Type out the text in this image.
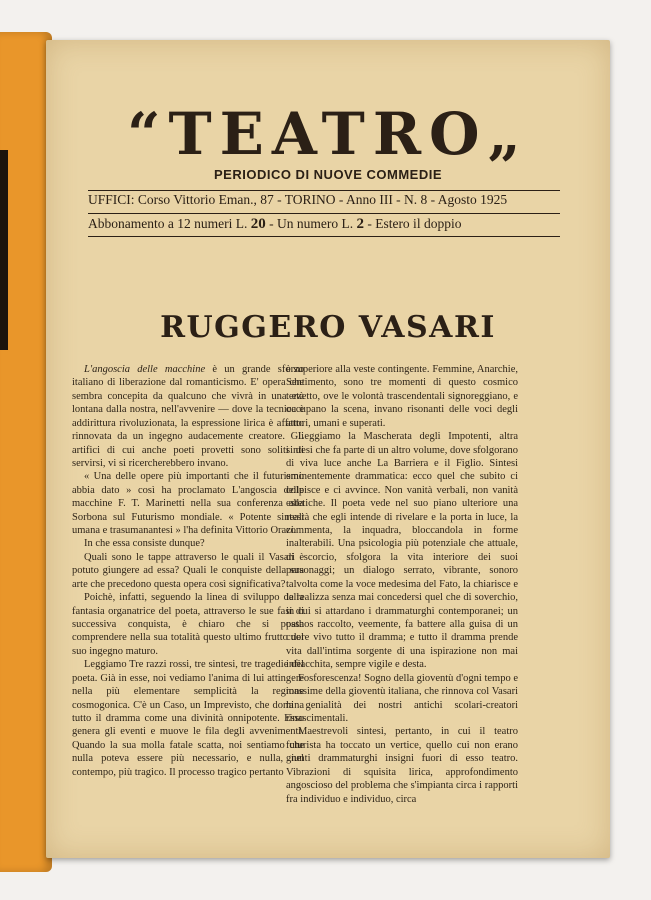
“TEATRO„
PERIODICO DI NUOVE COMMEDIE
UFFICI: Corso Vittorio Eman., 87 - TORINO - Anno III - N. 8 - Agosto 1925
Abbonamento a 12 numeri L. 20 - Un numero L. 2 - Estero il doppio
RUGGERO VASARI

L'angoscia delle macchine è un grande sforzo italiano di liberazione dal romanticismo. E' opera che sembra concepita da qualcuno che vivrà in una età lontana dalla nostra, nell'avvenire — dove la tecnica è addirittura rivoluzionata, la espressione lirica è affatto rinnovata da un ingegno audacemente creatore. Gli artifici di cui anche poeti provetti sono soliti di servirsi, vi si ricercherebbero invano.

« Una delle opere più importanti che il futurismo abbia dato » così ha proclamato L'angoscia delle macchine F. T. Marinetti nella sua conferenza alla Sorbona sul Futurismo mondiale. « Potente sintesi umana e trasumanantesi » l'ha definita Vittorio Orazi.

In che essa consiste dunque?

Quali sono le tappe attraverso le quali il Vasari è potuto giungere ad essa? Quali le conquiste della sua arte che precedono questa opera così significativa?

Poichè, infatti, seguendo la linea di sviluppo della fantasia organatrice del poeta, attraverso le sue fasi di successiva conquista, è chiaro che si possa comprendere nella sua totalità questo ultimo frutto del suo ingegno maturo.

Leggiamo Tre razzi rossi, tre sintesi, tre tragedie del poeta. Già in esse, noi vediamo l'anima di lui attingere nella più elementare semplicità la regione cosmogonica. C'è un Caso, un Imprevisto, che domina tutto il dramma come una divinità onnipotente. Esso genera gli eventi e muove le fila degli avvenimenti. Quando la sua molla fatale scatta, noi sentiamo che nulla poteva essere più necessario, e nulla, nel contempo, più tragico. Il processo tragico pertanto

è superiore alla veste contingente. Femmine, Anarchie, Sentimento, sono tre momenti di questo cosmico terzetto, ove le volontà trascendentali signoreggiano, e occupano la scena, invano risonanti delle voci degli attori, umani e superati.

Leggiamo la Mascherata degli Impotenti, altra sintesi che fa parte di un altro volume, dove sfolgorano di viva luce anche La Barriera e il Figlio. Sintesi eminentemente drammatica: ecco quel che subito ci colpisce e ci avvince. Non vanità verbali, non vanità estetiche. Il poeta vede nel suo piano ulteriore una realtà che egli intende di rivelare e la porta in luce, la commenta, la inquadra, bloccandola in forme inalterabili. Una psicologia più potenziale che attuale, di scorcio, sfolgora la vita interiore dei suoi personaggi; un dialogo serrato, vibrante, sonoro talvolta come la voce medesima del Fato, la chiarisce e la realizza senza mai concedersi quel che di soverchio, in cui si attardano i drammaturghi contemporanei; un pathos raccolto, veemente, fa battere alla guisa di un cuore vivo tutto il dramma; e tutto il dramma prende vita dall'intima sorgente di una ispirazione non mai infiacchita, sempre vigile e desta.

Fosforescenza! Sogno della gioventù d'ogni tempo e massime della gioventù italiana, che rinnova col Vasari la genialità dei nostri antichi scolari-creatori rinascimentali.

Maestrevoli sintesi, pertanto, in cui il teatro futurista ha toccato un vertice, quello cui non erano giunti drammaturghi insigni fuori di esso teatro. Vibrazioni di squisita lirica, approfondimento angoscioso del problema che s'impianta circa i rapporti fra individuo e individuo, circa
